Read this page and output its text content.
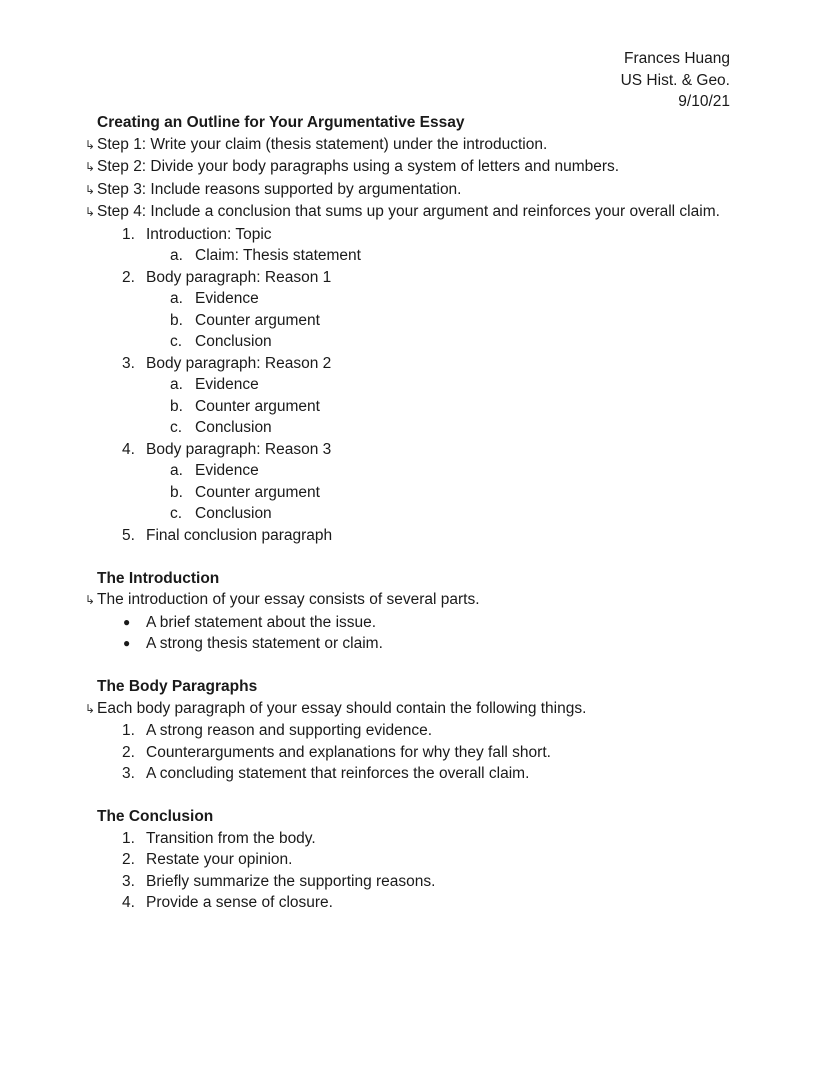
Frances Huang
US Hist. & Geo.
9/10/21
Creating an Outline for Your Argumentative Essay
↳ Step 1: Write your claim (thesis statement) under the introduction.
↳ Step 2: Divide your body paragraphs using a system of letters and numbers.
↳ Step 3: Include reasons supported by argumentation.
↳ Step 4: Include a conclusion that sums up your argument and reinforces your overall claim.
1. Introduction: Topic
a. Claim: Thesis statement
2. Body paragraph: Reason 1
a. Evidence
b. Counter argument
c. Conclusion
3. Body paragraph: Reason 2
a. Evidence
b. Counter argument
c. Conclusion
4. Body paragraph: Reason 3
a. Evidence
b. Counter argument
c. Conclusion
5. Final conclusion paragraph
The Introduction
↳ The introduction of your essay consists of several parts.
● A brief statement about the issue.
● A strong thesis statement or claim.
The Body Paragraphs
↳ Each body paragraph of your essay should contain the following things.
1. A strong reason and supporting evidence.
2. Counterarguments and explanations for why they fall short.
3. A concluding statement that reinforces the overall claim.
The Conclusion
1. Transition from the body.
2. Restate your opinion.
3. Briefly summarize the supporting reasons.
4. Provide a sense of closure.
